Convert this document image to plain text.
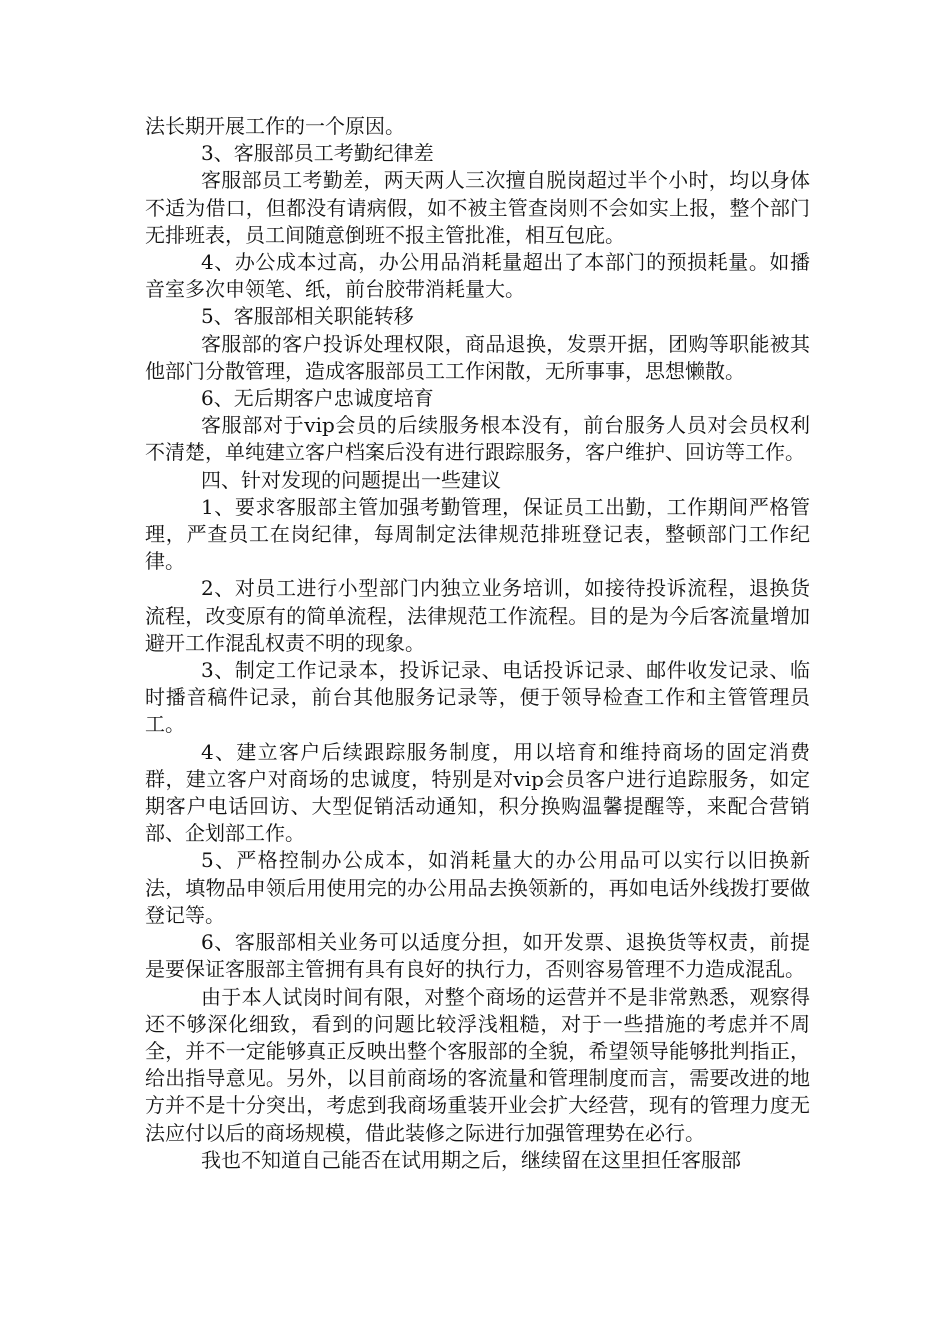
法长期开展工作的一个原因。

3、客服部员工考勤纪律差

客服部员工考勤差，两天两人三次擅自脱岗超过半个小时，均以身体不适为借口，但都没有请病假，如不被主管查岗则不会如实上报，整个部门无排班表，员工间随意倒班不报主管批准，相互包庇。

4、办公成本过高，办公用品消耗量超出了本部门的预损耗量。如播音室多次申领笔、纸，前台胶带消耗量大。

5、客服部相关职能转移

客服部的客户投诉处理权限，商品退换，发票开据，团购等职能被其他部门分散管理，造成客服部员工工作闲散，无所事事，思想懒散。

6、无后期客户忠诚度培育

客服部对于vip会员的后续服务根本没有，前台服务人员对会员权利不清楚，单纯建立客户档案后没有进行跟踪服务，客户维护、回访等工作。

四、针对发现的问题提出一些建议

1、要求客服部主管加强考勤管理，保证员工出勤，工作期间严格管理，严查员工在岗纪律，每周制定法律规范排班登记表，整顿部门工作纪律。

2、对员工进行小型部门内独立业务培训，如接待投诉流程，退换货流程，改变原有的简单流程，法律规范工作流程。目的是为今后客流量增加避开工作混乱权责不明的现象。

3、制定工作记录本，投诉记录、电话投诉记录、邮件收发记录、临时播音稿件记录，前台其他服务记录等，便于领导检查工作和主管管理员工。

4、建立客户后续跟踪服务制度，用以培育和维持商场的固定消费群，建立客户对商场的忠诚度，特别是对vip会员客户进行追踪服务，如定期客户电话回访、大型促销活动通知，积分换购温馨提醒等，来配合营销部、企划部工作。

5、严格控制办公成本，如消耗量大的办公用品可以实行以旧换新法，填物品申领后用使用完的办公用品去换领新的，再如电话外线拨打要做登记等。

6、客服部相关业务可以适度分担，如开发票、退换货等权责，前提是要保证客服部主管拥有具有良好的执行力，否则容易管理不力造成混乱。

由于本人试岗时间有限，对整个商场的运营并不是非常熟悉，观察得还不够深化细致，看到的问题比较浮浅粗糙，对于一些措施的考虑并不周全，并不一定能够真正反映出整个客服部的全貌，希望领导能够批判指正，给出指导意见。另外，以目前商场的客流量和管理制度而言，需要改进的地方并不是十分突出，考虑到我商场重装开业会扩大经营，现有的管理力度无法应付以后的商场规模，借此装修之际进行加强管理势在必行。

我也不知道自己能否在试用期之后，继续留在这里担任客服部
